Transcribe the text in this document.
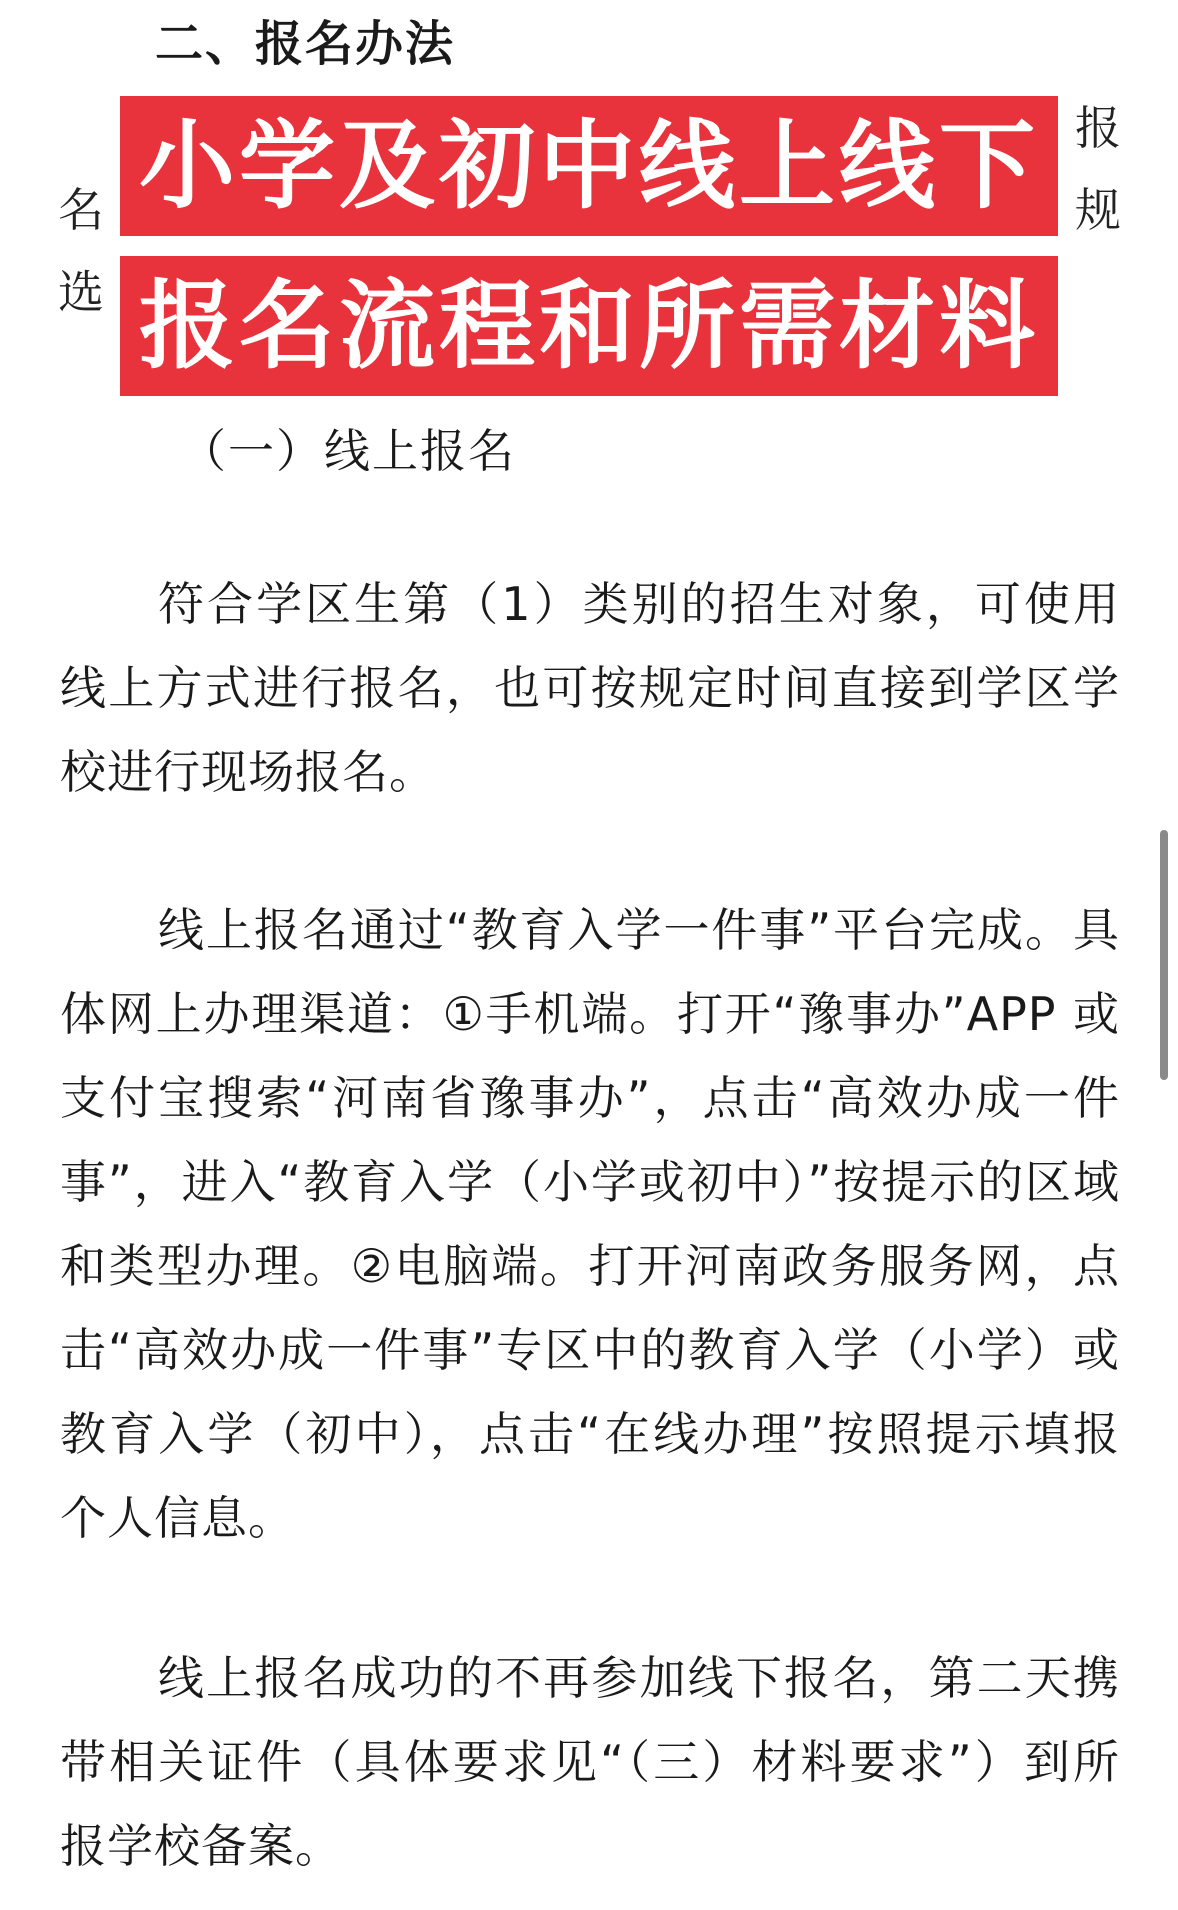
二、报名办法
报
名	规
选
小学及初中线上线下
报名流程和所需材料
（一）线上报名

符合学区生第（1）类别的招生对象，可使用线上方式进行报名，也可按规定时间直接到学区学校进行现场报名。

线上报名通过“教育入学一件事”平台完成。具体网上办理渠道：①手机端。打开“豫事办”APP 或支付宝搜索“河南省豫事办”，点击“高效办成一件事”，进入“教育入学（小学或初中）”按提示的区域和类型办理。②电脑端。打开河南政务服务网，点击“高效办成一件事”专区中的教育入学（小学）或教育入学（初中），点击“在线办理”按照提示填报个人信息。

线上报名成功的不再参加线下报名，第二天携带相关证件（具体要求见“（三）材料要求”）到所报学校备案。
